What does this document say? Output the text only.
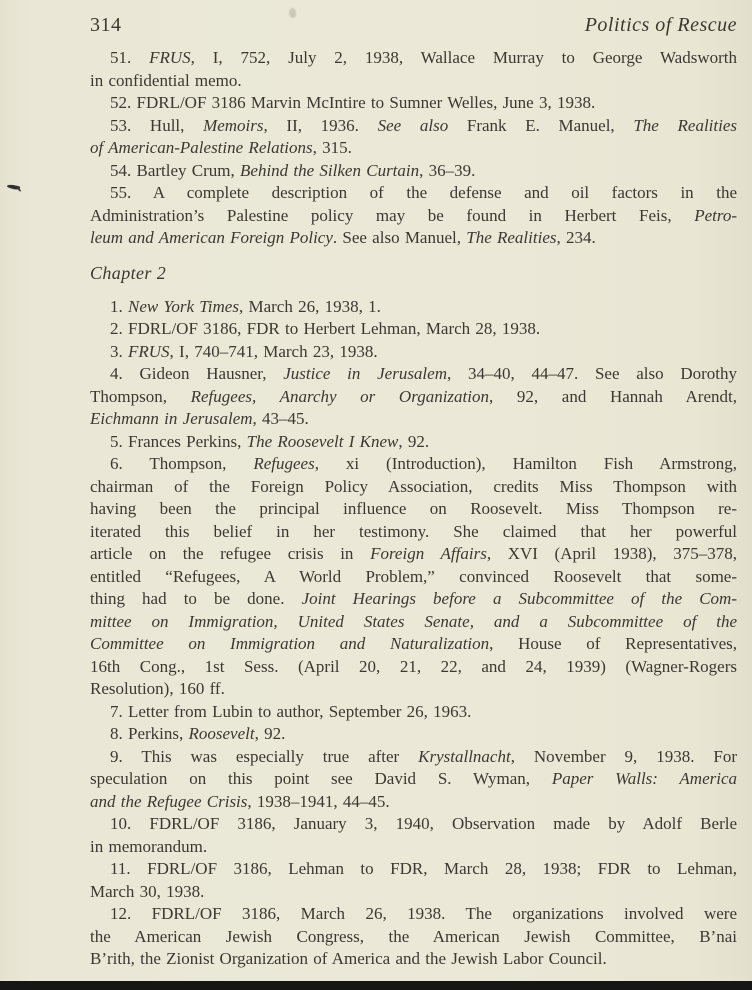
314	Politics of Rescue
51. FRUS, I, 752, July 2, 1938, Wallace Murray to George Wadsworth
in confidential memo.
52. FDRL/OF 3186 Marvin McIntire to Sumner Welles, June 3, 1938.
53. Hull, Memoirs, II, 1936. See also Frank E. Manuel, The Realities
of American-Palestine Relations, 315.
54. Bartley Crum, Behind the Silken Curtain, 36–39.
55. A complete description of the defense and oil factors in the
Administration’s Palestine policy may be found in Herbert Feis, Petro-
leum and American Foreign Policy. See also Manuel, The Realities, 234.
Chapter 2
1. New York Times, March 26, 1938, 1.
2. FDRL/OF 3186, FDR to Herbert Lehman, March 28, 1938.
3. FRUS, I, 740–741, March 23, 1938.
4. Gideon Hausner, Justice in Jerusalem, 34–40, 44–47. See also Dorothy
Thompson, Refugees, Anarchy or Organization, 92, and Hannah Arendt,
Eichmann in Jerusalem, 43–45.
5. Frances Perkins, The Roosevelt I Knew, 92.
6. Thompson, Refugees, xi (Introduction), Hamilton Fish Armstrong,
chairman of the Foreign Policy Association, credits Miss Thompson with
having been the principal influence on Roosevelt. Miss Thompson re-
iterated this belief in her testimony. She claimed that her powerful
article on the refugee crisis in Foreign Affairs, XVI (April 1938), 375–378,
entitled “Refugees, A World Problem,” convinced Roosevelt that some-
thing had to be done. Joint Hearings before a Subcommittee of the Com-
mittee on Immigration, United States Senate, and a Subcommittee of the
Committee on Immigration and Naturalization, House of Representatives,
16th Cong., 1st Sess. (April 20, 21, 22, and 24, 1939) (Wagner-Rogers
Resolution), 160 ff.
7. Letter from Lubin to author, September 26, 1963.
8. Perkins, Roosevelt, 92.
9. This was especially true after Krystallnacht, November 9, 1938. For
speculation on this point see David S. Wyman, Paper Walls: America
and the Refugee Crisis, 1938–1941, 44–45.
10. FDRL/OF 3186, January 3, 1940, Observation made by Adolf Berle
in memorandum.
11. FDRL/OF 3186, Lehman to FDR, March 28, 1938; FDR to Lehman,
March 30, 1938.
12. FDRL/OF 3186, March 26, 1938. The organizations involved were
the American Jewish Congress, the American Jewish Committee, B’nai
B’rith, the Zionist Organization of America and the Jewish Labor Council.
